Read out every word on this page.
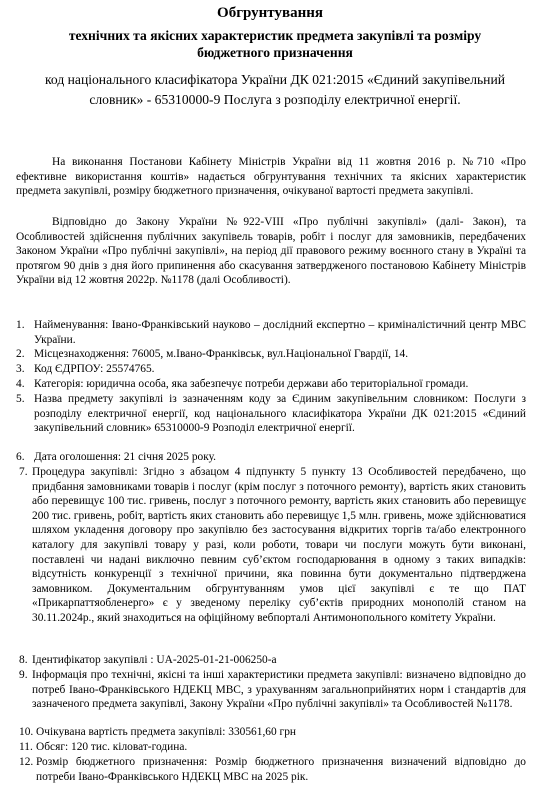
Обгрунтування
технічних та якісних характеристик предмета закупівлі та розміру бюджетного призначення
код національного класифікатора України ДК 021:2015 «Єдиний закупівельний словник» - 65310000-9 Послуга з розподілу електричної енергії.
На виконання Постанови Кабінету Міністрів України від 11 жовтня 2016 р. №710 «Про ефективне використання коштів» надається обгрунтування технічних та якісних характеристик предмета закупівлі, розміру бюджетного призначення, очікуваної вартості предмета закупівлі.
Відповідно до Закону України №922-VIII «Про публічні закупівлі» (далі- Закон), та Особливостей здійснення публічних закупівель товарів, робіт і послуг для замовників, передбачених Законом України «Про публічні закупівлі», на період дії правового режиму воєнного стану в Україні та протягом 90 днів з дня його припинення або скасування затвердженого постановою Кабінету Міністрів України від 12 жовтня 2022р. №1178 (далі Особливості).
1. Найменування: Івано-Франківський науково – дослідний експертно – криміналістичний центр МВС України.
2. Місцезнаходження: 76005, м.Івано-Франківськ, вул.Національної Гвардії, 14.
3. Код ЄДРПОУ: 25574765.
4. Категорія: юридична особа, яка забезпечує потреби держави або територіальної громади.
5. Назва предмету закупівлі із зазначенням коду за Єдиним закупівельним словником: Послуги з розподілу електричної енергії, код національного класифікатора України ДК 021:2015 «Єдиний закупівельний словник» 65310000-9 Розподіл електричної енергії.
6. Дата оголошення: 21 січня 2025 року.
7. Процедура закупівлі: Згідно з абзацом 4 підпункту 5 пункту 13 Особливостей передбачено, що придбання замовниками товарів і послуг (крім послуг з поточного ремонту), вартість яких становить або перевищує 100 тис. гривень, послуг з поточного ремонту, вартість яких становить або перевищує 200 тис. гривень, робіт, вартість яких становить або перевищує 1,5 млн. гривень, може здійснюватися шляхом укладення договору про закупівлю без застосування відкритих торгів та/або електронного каталогу для закупівлі товару у разі, коли роботи, товари чи послуги можуть бути виконані, поставлені чи надані виключно певним суб’єктом господарювання в одному з таких випадків: відсутність конкуренції з технічної причини, яка повинна бути документально підтверджена замовником. Документальним обгрунтуванням умов цієї закупівлі є те що ПАТ «Прикарпаттяобленерго» є у зведеному переліку суб’єктів природних монополій станом на 30.11.2024р., який знаходиться на офіційному вебпорталі Антимонопольного комітету України.
8. Ідентифікатор закупівлі : UA-2025-01-21-006250-a
9. Інформація про технічні, якісні та інші характеристики предмета закупівлі: визначено відповідно до потреб Івано-Франківського НДЕКЦ МВС, з урахуванням загальноприйнятих норм і стандартів для зазначеного предмета закупівлі, Закону України «Про публічні закупівлі» та Особливостей №1178.
10. Очікувана вартість предмета закупівлі: 330561,60 грн
11. Обсяг: 120 тис. кіловат-година.
12. Розмір бюджетного призначення: Розмір бюджетного призначення визначений відповідно до потреби Івано-Франківського НДЕКЦ МВС на 2025 рік.
